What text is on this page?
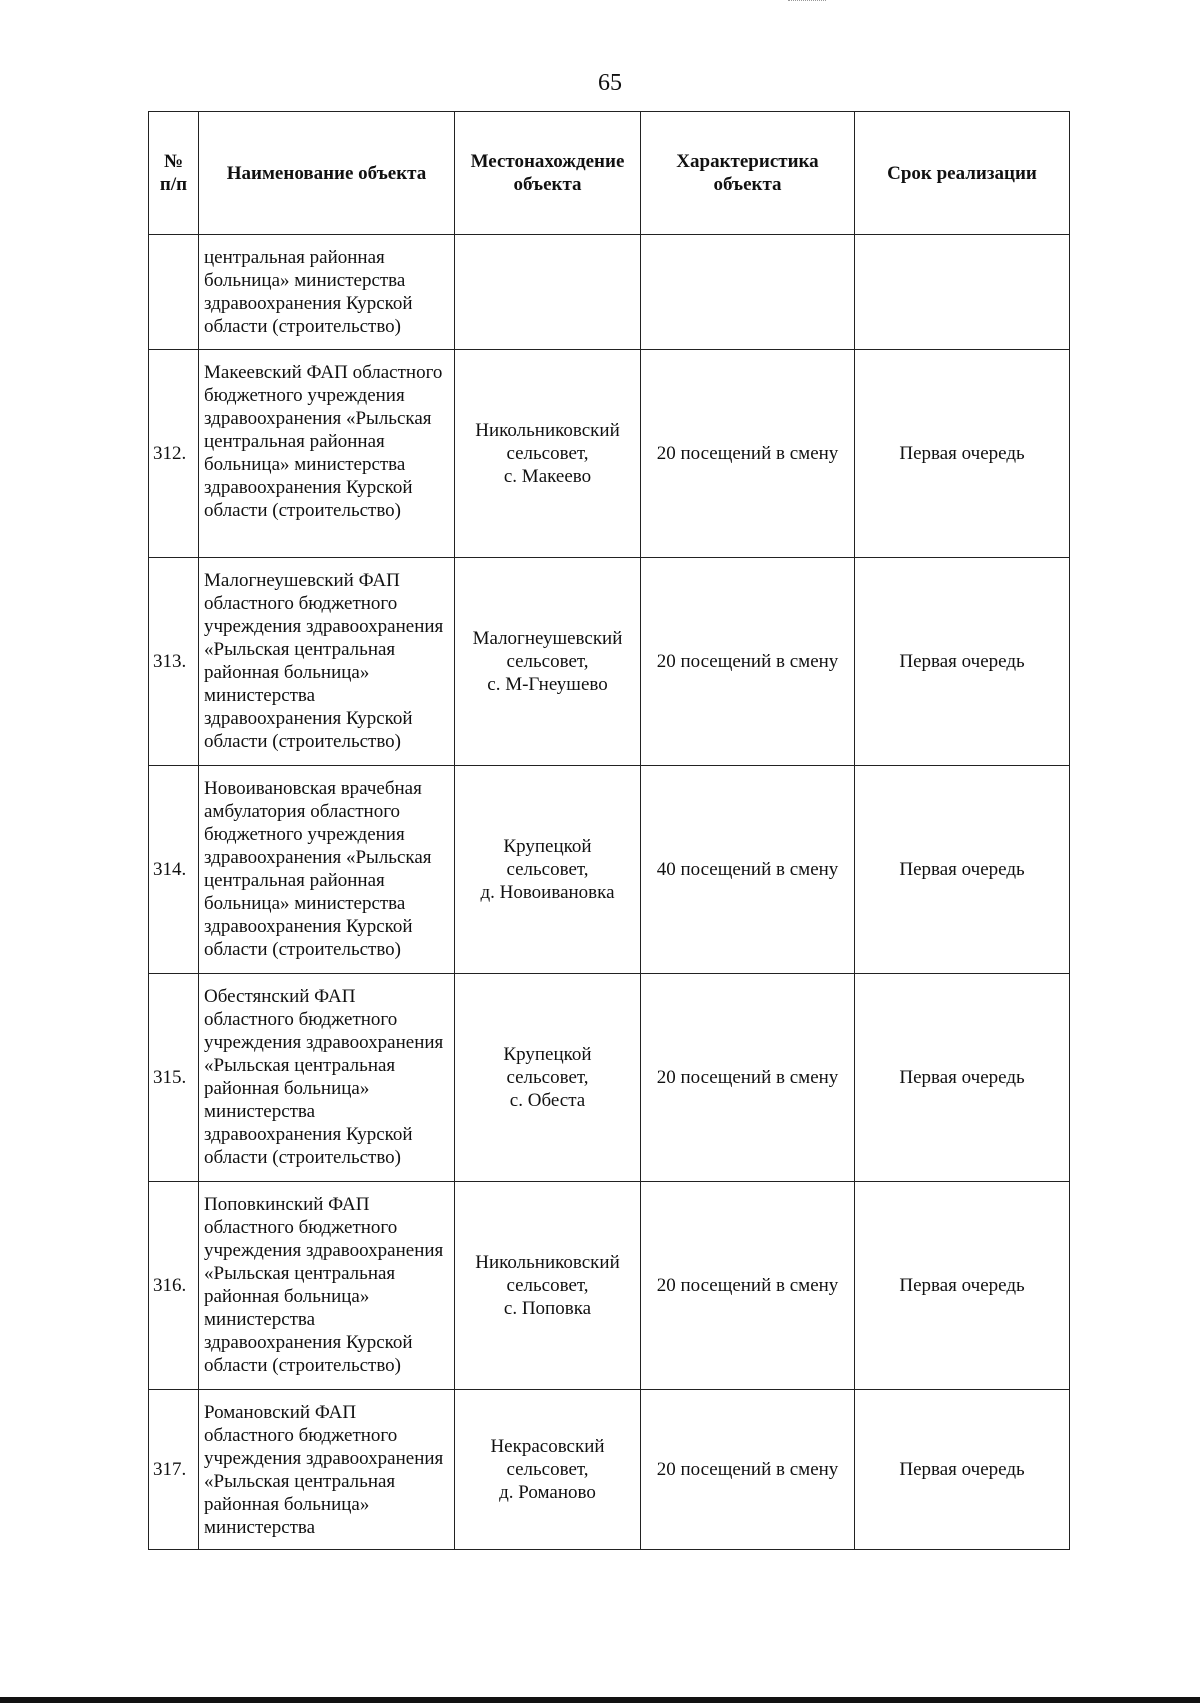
65
№
п/п	Наименование объекта	Местонахождение объекта	Характеристика объекта	Срок реализации

	центральная районная больница» министерства здравоохранения Курской области (строительство)			

312.	Макеевский ФАП областного бюджетного учреждения здравоохранения «Рыльская центральная районная больница» министерства здравоохранения Курской области (строительство)	Никольниковский
сельсовет,
с. Макеево	20 посещений в смену	Первая очередь
313.	Малогнеушевский ФАП областного бюджетного учреждения здравоохранения «Рыльская центральная районная больница» министерства здравоохранения Курской области (строительство)	Малогнеушевский
сельсовет,
с. М-Гнеушево	20 посещений в смену	Первая очередь
314.	Новоивановская врачебная амбулатория областного бюджетного учреждения здравоохранения «Рыльская центральная районная больница» министерства здравоохранения Курской области (строительство)	Крупецкой
сельсовет,
д. Новоивановка	40 посещений в смену	Первая очередь
315.	Обестянский ФАП областного бюджетного учреждения здравоохранения «Рыльская центральная районная больница» министерства здравоохранения Курской области (строительство)	Крупецкой
сельсовет,
с. Обеста	20 посещений в смену	Первая очередь
316.	Поповкинский ФАП областного бюджетного учреждения здравоохранения «Рыльская центральная районная больница» министерства здравоохранения Курской области (строительство)	Никольниковский
сельсовет,
с. Поповка	20 посещений в смену	Первая очередь
317.	Романовский ФАП областного бюджетного учреждения здравоохранения «Рыльская центральная районная больница» министерства	Некрасовский
сельсовет,
д. Романово	20 посещений в смену	Первая очередь
